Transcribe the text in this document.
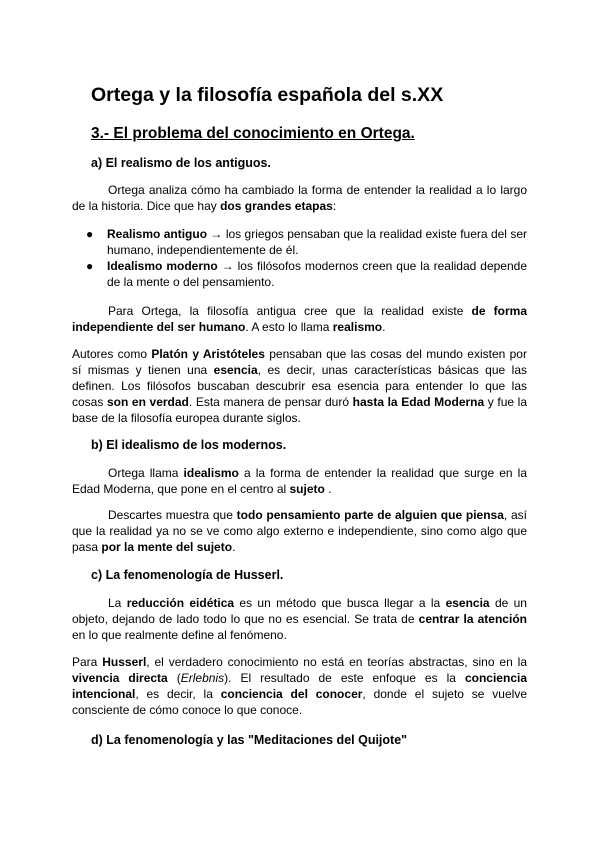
Ortega y la filosofía española del s.XX
3.- El problema del conocimiento en Ortega.
a) El realismo de los antiguos.
Ortega analiza cómo ha cambiado la forma de entender la realidad a lo largo de la historia. Dice que hay dos grandes etapas:
● Realismo antiguo → los griegos pensaban que la realidad existe fuera del ser humano, independientemente de él.
● Idealismo moderno → los filósofos modernos creen que la realidad depende de la mente o del pensamiento.
Para Ortega, la filosofía antigua cree que la realidad existe de forma independiente del ser humano. A esto lo llama realismo.
Autores como Platón y Aristóteles pensaban que las cosas del mundo existen por sí mismas y tienen una esencia, es decir, unas características básicas que las definen. Los filósofos buscaban descubrir esa esencia para entender lo que las cosas son en verdad. Esta manera de pensar duró hasta la Edad Moderna y fue la base de la filosofía europea durante siglos.
b) El idealismo de los modernos.
Ortega llama idealismo a la forma de entender la realidad que surge en la Edad Moderna, que pone en el centro al sujeto .
Descartes muestra que todo pensamiento parte de alguien que piensa, así que la realidad ya no se ve como algo externo e independiente, sino como algo que pasa por la mente del sujeto.
c) La fenomenología de Husserl.
La reducción eidética es un método que busca llegar a la esencia de un objeto, dejando de lado todo lo que no es esencial. Se trata de centrar la atención en lo que realmente define al fenómeno.
Para Husserl, el verdadero conocimiento no está en teorías abstractas, sino en la vivencia directa (Erlebnis). El resultado de este enfoque es la conciencia intencional, es decir, la conciencia del conocer, donde el sujeto se vuelve consciente de cómo conoce lo que conoce.
d) La fenomenología y las "Meditaciones del Quijote"
